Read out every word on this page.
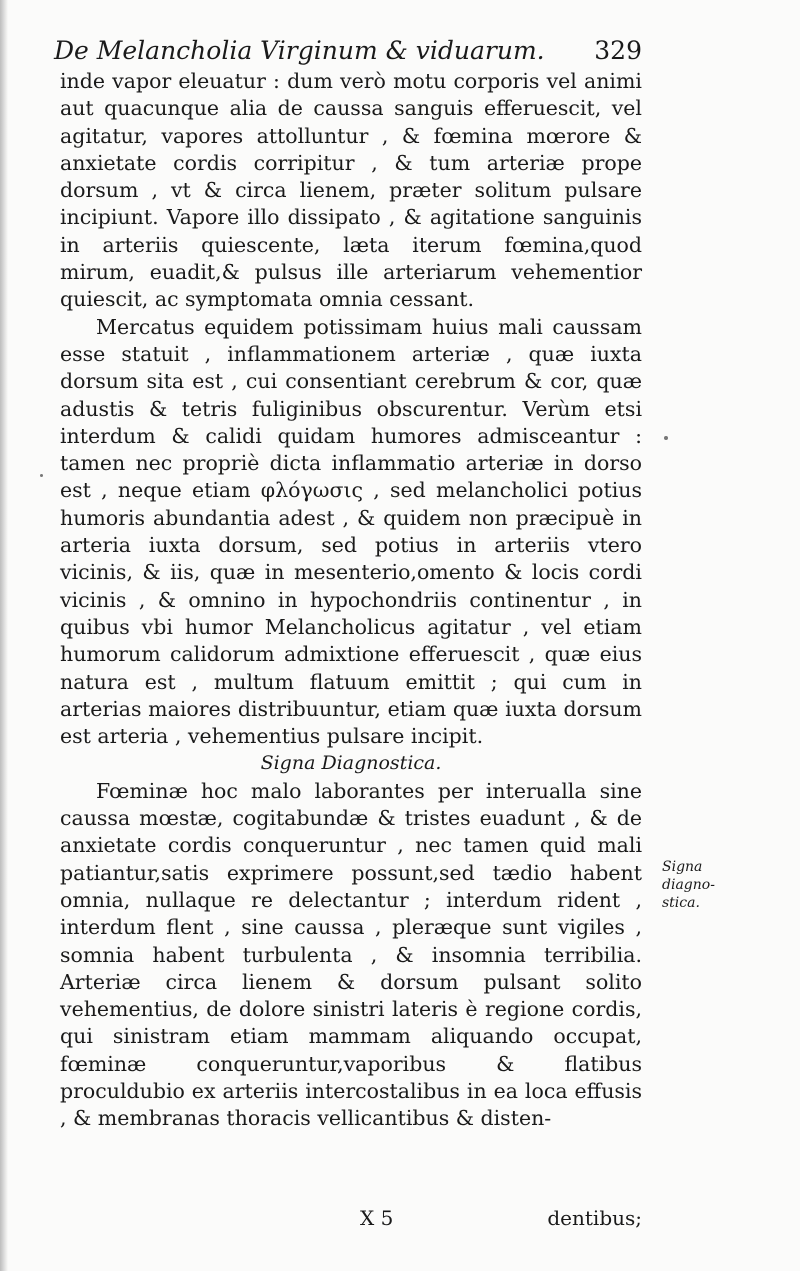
De Melancholia Virginum & viduarum. 329

inde vapor eleuatur : dum verò motu corporis vel animi aut quacunque alia de caussa sanguis efferuescit, vel agitatur, vapores attolluntur , & fœmina mœrore & anxietate cordis corripitur , & tum arteriæ prope dorsum , vt & circa lienem, præter solitum pulsare incipiunt. Vapore illo dissipato , & agitatione sanguinis in arteriis quiescente, læta iterum fœmina,quod mirum, euadit,& pulsus ille arteriarum vehementior quiescit, ac symptomata omnia cessant.

Mercatus equidem potissimam huius mali caussam esse statuit , inflammationem arteriæ , quæ iuxta dorsum sita est , cui consentiant cerebrum & cor, quæ adustis & tetris fuliginibus obscurentur. Verùm etsi interdum & calidi quidam humores admisceantur : tamen nec propriè dicta inflammatio arteriæ in dorso est , neque etiam φλόγωσις , sed melancholici potius humoris abundantia adest , & quidem non præcipuè in arteria iuxta dorsum, sed potius in arteriis vtero vicinis, & iis, quæ in mesenterio,omento & locis cordi vicinis , & omnino in hypochondriis continentur , in quibus vbi humor Melancholicus agitatur , vel etiam humorum calidorum admixtione efferuescit , quæ eius natura est , multum flatuum emittit ; qui cum in arterias maiores distribuuntur, etiam quæ iuxta dorsum est arteria , vehementius pulsare incipit.

Signa Diagnostica.

Fœminæ hoc malo laborantes per interualla sine caussa mœstæ, cogitabundæ & tristes euadunt , & de anxietate cordis conqueruntur , nec tamen quid mali patiantur,satis exprimere possunt,sed tædio habent omnia, nullaque re delectantur ; interdum rident , interdum flent , sine caussa , pleræque sunt vigiles , somnia habent turbulenta , & insomnia terribilia. Arteriæ circa lienem & dorsum pulsant solito vehementius, de dolore sinistri lateris è regione cordis, qui sinistram etiam mammam aliquando occupat, fœminæ conqueruntur,vaporibus & flatibus proculdubio ex arteriis intercostalibus in ea loca effusis , & membranas thoracis vellicantibus & disten-

Signa
diagno-
stica.
X 5	dentibus;
